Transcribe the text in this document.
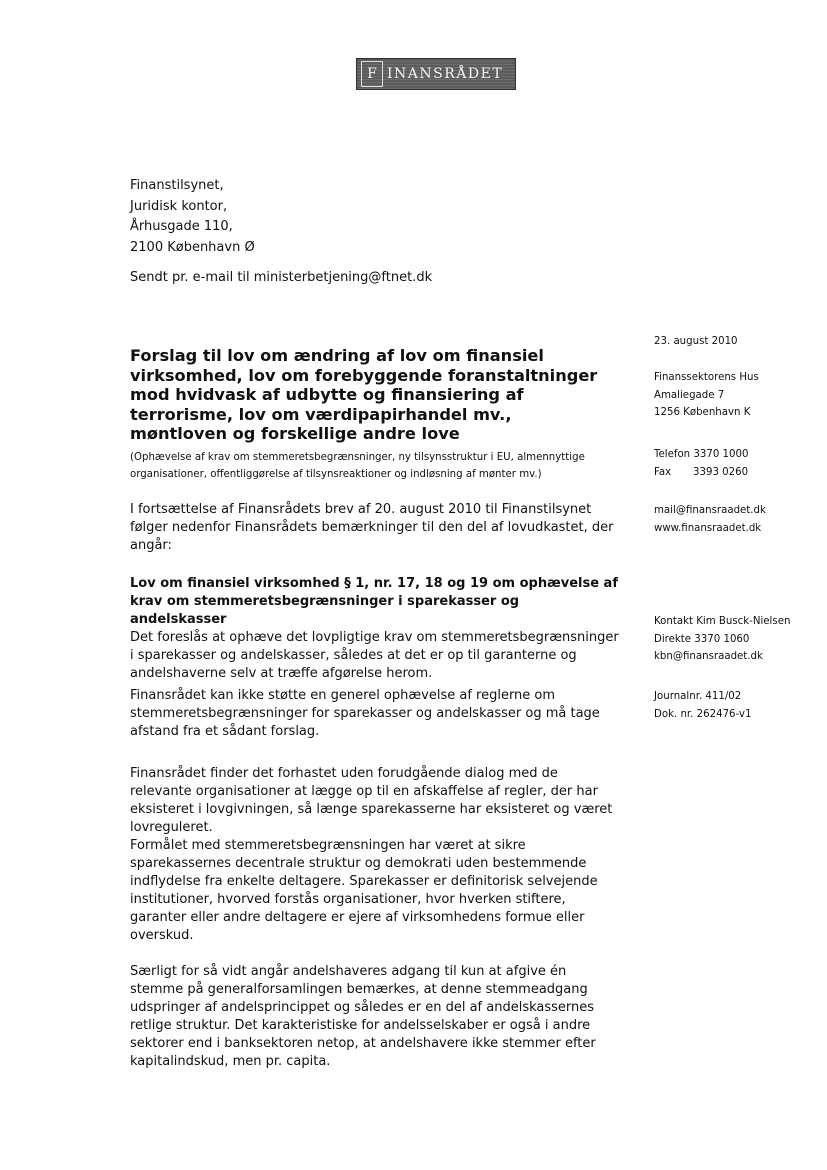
F INANSRÅDET
Finanstilsynet,
Juridisk kontor,
Århusgade 110,
2100 København Ø
Sendt pr. e-mail til ministerbetjening@ftnet.dk
Forslag til lov om ændring af lov om finansiel virksomhed, lov om forebyggende foranstaltninger mod hvidvask af udbytte og finansiering af terrorisme, lov om værdipapirhandel mv., møntloven og forskellige andre love
(Ophævelse af krav om stemmeretsbegrænsninger, ny tilsynsstruktur i EU, almennyttige organisationer, offentliggørelse af tilsynsreaktioner og indløsning af mønter mv.)

I fortsættelse af Finansrådets brev af 20. august 2010 til Finanstilsynet følger nedenfor Finansrådets bemærkninger til den del af lovudkastet, der angår:

Lov om finansiel virksomhed § 1, nr. 17, 18 og 19 om ophævelse af krav om stemmeretsbegrænsninger i sparekasser og andelskasser

Det foreslås at ophæve det lovpligtige krav om stemmeretsbegrænsninger i sparekasser og andelskasser, således at det er op til garanterne og andelshaverne selv at træffe afgørelse herom.

Finansrådet kan ikke støtte en generel ophævelse af reglerne om stemmeretsbegrænsninger for sparekasser og andelskasser og må tage afstand fra et sådant forslag.

Finansrådet finder det forhastet uden forudgående dialog med de relevante organisationer at lægge op til en afskaffelse af regler, der har eksisteret i lovgivningen, så længe sparekasserne har eksisteret og været lovreguleret.

Formålet med stemmeretsbegrænsningen har været at sikre sparekassernes decentrale struktur og demokrati uden bestemmende indflydelse fra enkelte deltagere. Sparekasser er definitorisk selvejende institutioner, hvorved forstås organisationer, hvor hverken stiftere, garanter eller andre deltagere er ejere af virksomhedens formue eller overskud.

Særligt for så vidt angår andelshaveres adgang til kun at afgive én stemme på generalforsamlingen bemærkes, at denne stemmeadgang udspringer af andelsprincippet og således er en del af andelskassernes retlige struktur. Det karakteristiske for andelsselskaber er også i andre sektorer end i banksektoren netop, at andelshavere ikke stemmer efter kapitalindskud, men pr. capita.

23. august 2010
Finanssektorens Hus
Amaliegade 7
1256 København K
Telefon
3370 1000
Fax	3393 0260
mail@finansraadet.dk
www.finansraadet.dk
Kontakt Kim Busck-Nielsen
Direkte 3370 1060
kbn@finansraadet.dk
Journalnr. 411/02
Dok. nr. 262476-v1
